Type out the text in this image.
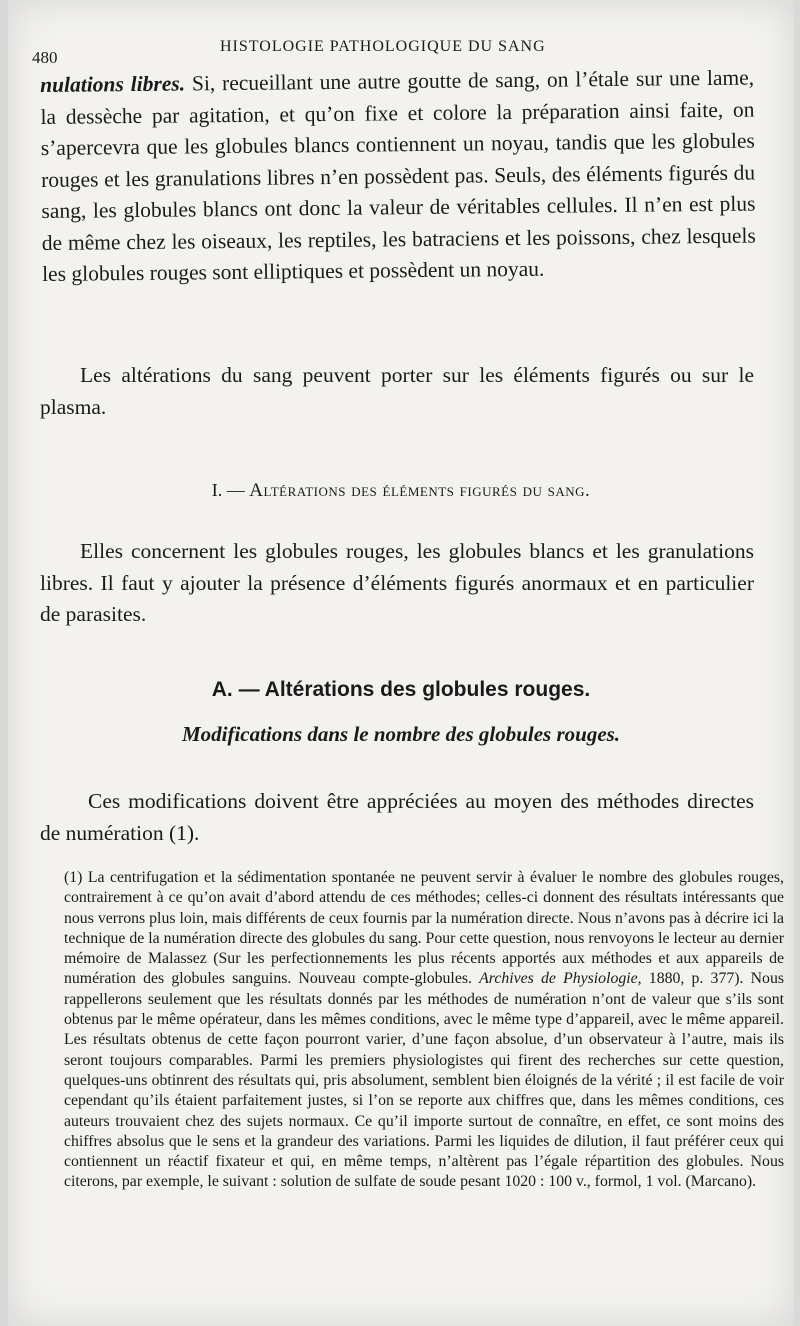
480
HISTOLOGIE PATHOLOGIQUE DU SANG

nulations libres. Si, recueillant une autre goutte de sang, on l’étale sur une lame, la dessèche par agitation, et qu’on fixe et colore la préparation ainsi faite, on s’apercevra que les globules blancs contiennent un noyau, tandis que les globules rouges et les granulations libres n’en possèdent pas. Seuls, des éléments figurés du sang, les globules blancs ont donc la valeur de véritables cellules. Il n’en est plus de même chez les oiseaux, les reptiles, les batraciens et les poissons, chez lesquels les globules rouges sont elliptiques et possèdent un noyau.

Les altérations du sang peuvent porter sur les éléments figurés ou sur le plasma.

I. — Altérations des éléments figurés du sang.

Elles concernent les globules rouges, les globules blancs et les granulations libres. Il faut y ajouter la présence d’éléments figurés anormaux et en particulier de parasites.

A. — Altérations des globules rouges.
Modifications dans le nombre des globules rouges.

Ces modifications doivent être appréciées au moyen des méthodes directes de numération (1).

(1) La centrifugation et la sédimentation spontanée ne peuvent servir à évaluer le nombre des globules rouges, contrairement à ce qu’on avait d’abord attendu de ces méthodes; celles-ci donnent des résultats intéressants que nous verrons plus loin, mais différents de ceux fournis par la numération directe. Nous n’avons pas à décrire ici la technique de la numération directe des globules du sang. Pour cette question, nous renvoyons le lecteur au dernier mémoire de Malassez (Sur les perfectionnements les plus récents apportés aux méthodes et aux appareils de numération des globules sanguins. Nouveau compte-globules. Archives de Physiologie, 1880, p. 377). Nous rappellerons seulement que les résultats donnés par les méthodes de numération n’ont de valeur que s’ils sont obtenus par le même opérateur, dans les mêmes conditions, avec le même type d’appareil, avec le même appareil. Les résultats obtenus de cette façon pourront varier, d’une façon absolue, d’un observateur à l’autre, mais ils seront toujours comparables. Parmi les premiers physiologistes qui firent des recherches sur cette question, quelques-uns obtinrent des résultats qui, pris absolument, semblent bien éloignés de la vérité ; il est facile de voir cependant qu’ils étaient parfaitement justes, si l’on se reporte aux chiffres que, dans les mêmes conditions, ces auteurs trouvaient chez des sujets normaux. Ce qu’il importe surtout de connaître, en effet, ce sont moins des chiffres absolus que le sens et la grandeur des variations. Parmi les liquides de dilution, il faut préférer ceux qui contiennent un réactif fixateur et qui, en même temps, n’altèrent pas l’égale répartition des globules. Nous citerons, par exemple, le suivant : solution de sulfate de soude pesant 1020 : 100 v., formol, 1 vol. (Marcano).
